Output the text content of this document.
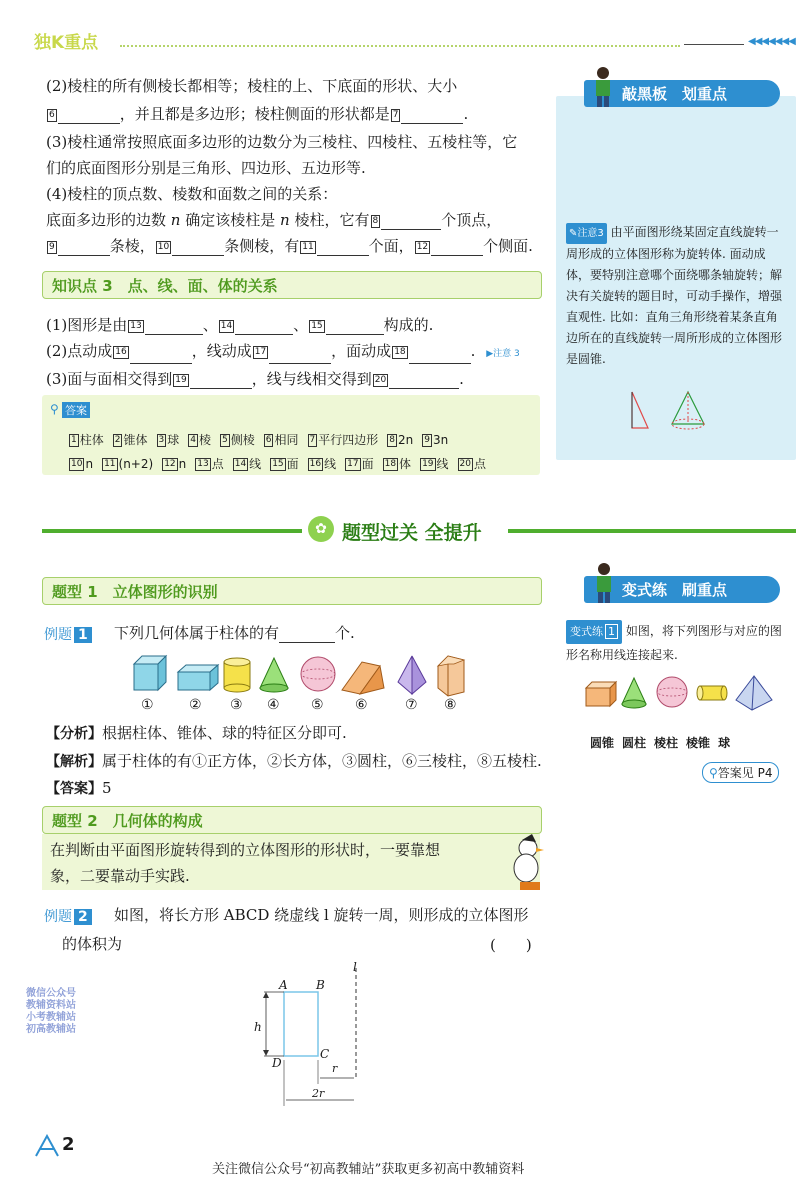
独K重点	◀◀◀◀◀◀◀
(2)棱柱的所有侧棱长都相等；棱柱的上、下底面的形状、大小
6	，并且都是多边形；棱柱侧面的形状都是 7	.
(3)棱柱通常按照底面多边形的边数分为三棱柱、四棱柱、五棱柱等，它
们的底面图形分别是三角形、四边形、五边形等.
(4)棱柱的顶点数、棱数和面数之间的关系：
底面多边形的边数 n 确定该棱柱是 n 棱柱，它有 8	个顶点，
9	条棱， 10	条侧棱，有 11	个面， 12	个侧面.
知识点 3　点、线、面、体的关系
(1)图形是由 13	、 14	、 15	构成的.
(2)点动成 16	，线动成 17	，面动成 18	. ▶注意 3
(3)面与面相交得到 19	，线与线相交得到 20	.
⚲ 答案
1 柱体 2 锥体 3 球 4 棱 5 侧棱 6 相同 7 平行四边形 8 2n 9 3n
10 n 11 (n+2) 12 n 13 点 14 线 15 面 16 线 17 面 18 体 19 线 20 点
敲黑板　划重点
✎注意3 由平面图形绕某固定直线旋转一周形成的立体图形称为旋转体. 面动成体，要特别注意哪个面绕哪条轴旋转；解决有关旋转的题目时，可动手操作，增强直观性. 比如：直角三角形绕着某条直角边所在的直线旋转一周所形成的立体图形是圆锥.
✿ 题型过关 全提升
题型 1　立体图形的识别
例题 1 下列几何体属于柱体的有	个.
①	② ③ ④ ⑤ ⑥	⑦ ⑧
【分析】根据柱体、锥体、球的特征区分即可.
【解析】属于柱体的有①正方体，②长方体，③圆柱，⑥三棱柱，⑧五棱柱.
【答案】5
题型 2　几何体的构成
在判断由平面图形旋转得到的立体图形的形状时，一要靠想
象，二要靠动手实践.
例题 2 如图，将长方形 ABCD 绕虚线 l 旋转一周，则形成的立体图形
的体积为	(　　)
A B
C
D
h
l
r
2r
微信公众号
教辅资料站
小考教辅站
初高教辅站
变式练　刷重点
变式练 1 如图，将下列图形与对应的图形名称用线连接起来.
圆锥 圆柱 棱柱 棱锥 球
⚲答案见 P4
2
关注微信公众号“初高教辅站”获取更多初高中教辅资料
